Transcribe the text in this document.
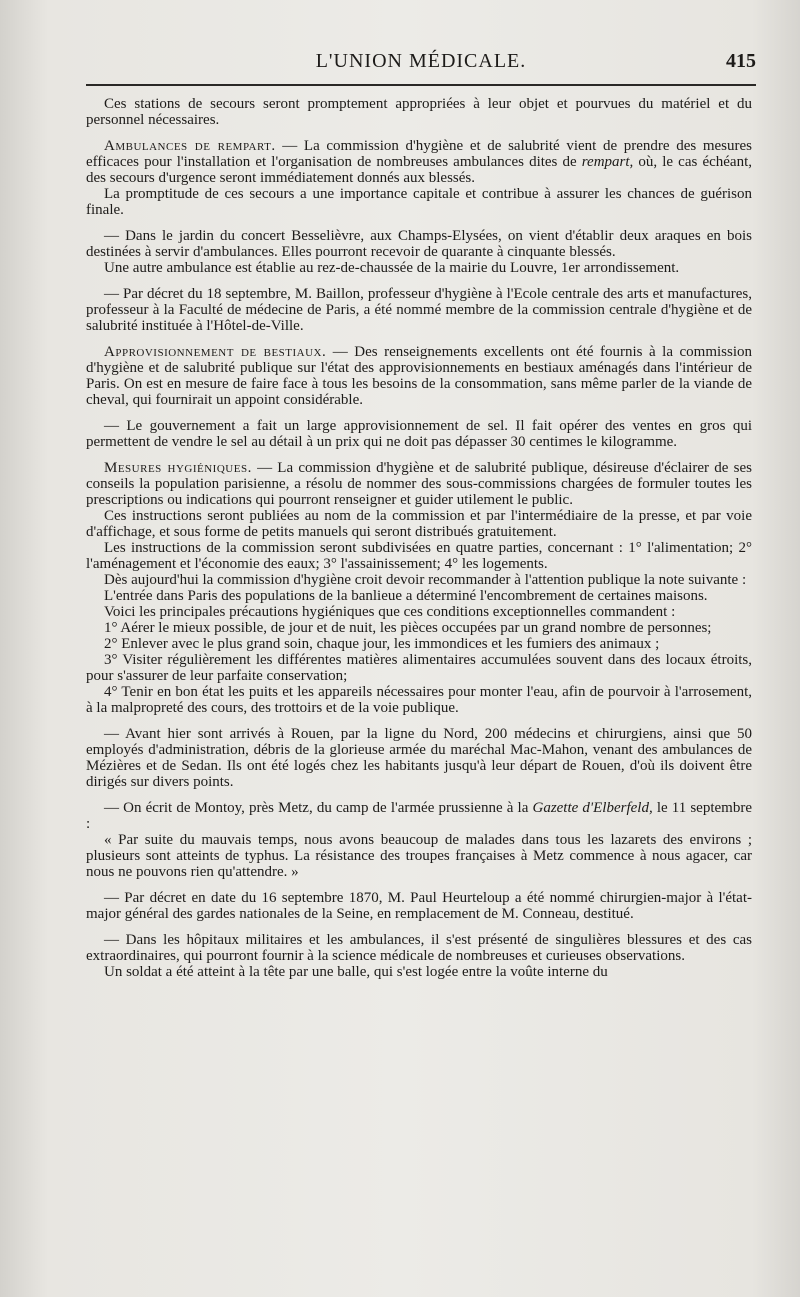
L'UNION MÉDICALE.	415

Ces stations de secours seront promptement appropriées à leur objet et pourvues du matériel et du personnel nécessaires.

Ambulances de rempart. — La commission d'hygiène et de salubrité vient de prendre des mesures efficaces pour l'installation et l'organisation de nombreuses ambulances dites de rempart, où, le cas échéant, des secours d'urgence seront immédiatement donnés aux blessés.

La promptitude de ces secours a une importance capitale et contribue à assurer les chances de guérison finale.

— Dans le jardin du concert Besselièvre, aux Champs-Elysées, on vient d'établir deux araques en bois destinées à servir d'ambulances. Elles pourront recevoir de quarante à cinquante blessés.

Une autre ambulance est établie au rez-de-chaussée de la mairie du Louvre, 1er arrondissement.

— Par décret du 18 septembre, M. Baillon, professeur d'hygiène à l'Ecole centrale des arts et manufactures, professeur à la Faculté de médecine de Paris, a été nommé membre de la commission centrale d'hygiène et de salubrité instituée à l'Hôtel-de-Ville.

Approvisionnement de bestiaux. — Des renseignements excellents ont été fournis à la commission d'hygiène et de salubrité publique sur l'état des approvisionnements en bestiaux aménagés dans l'intérieur de Paris. On est en mesure de faire face à tous les besoins de la consommation, sans même parler de la viande de cheval, qui fournirait un appoint considérable.

— Le gouvernement a fait un large approvisionnement de sel. Il fait opérer des ventes en gros qui permettent de vendre le sel au détail à un prix qui ne doit pas dépasser 30 centimes le kilogramme.

Mesures hygiéniques. — La commission d'hygiène et de salubrité publique, désireuse d'éclairer de ses conseils la population parisienne, a résolu de nommer des sous-commissions chargées de formuler toutes les prescriptions ou indications qui pourront renseigner et guider utilement le public.

Ces instructions seront publiées au nom de la commission et par l'intermédiaire de la presse, et par voie d'affichage, et sous forme de petits manuels qui seront distribués gratuitement.

Les instructions de la commission seront subdivisées en quatre parties, concernant : 1° l'alimentation; 2° l'aménagement et l'économie des eaux; 3° l'assainissement; 4° les logements.

Dès aujourd'hui la commission d'hygiène croit devoir recommander à l'attention publique la note suivante :

L'entrée dans Paris des populations de la banlieue a déterminé l'encombrement de certaines maisons.

Voici les principales précautions hygiéniques que ces conditions exceptionnelles commandent :

1° Aérer le mieux possible, de jour et de nuit, les pièces occupées par un grand nombre de personnes;

2° Enlever avec le plus grand soin, chaque jour, les immondices et les fumiers des animaux ;

3° Visiter régulièrement les différentes matières alimentaires accumulées souvent dans des locaux étroits, pour s'assurer de leur parfaite conservation;

4° Tenir en bon état les puits et les appareils nécessaires pour monter l'eau, afin de pourvoir à l'arrosement, à la malpropreté des cours, des trottoirs et de la voie publique.

— Avant hier sont arrivés à Rouen, par la ligne du Nord, 200 médecins et chirurgiens, ainsi que 50 employés d'administration, débris de la glorieuse armée du maréchal Mac-Mahon, venant des ambulances de Mézières et de Sedan. Ils ont été logés chez les habitants jusqu'à leur départ de Rouen, d'où ils doivent être dirigés sur divers points.

— On écrit de Montoy, près Metz, du camp de l'armée prussienne à la Gazette d'Elberfeld, le 11 septembre :

« Par suite du mauvais temps, nous avons beaucoup de malades dans tous les lazarets des environs ; plusieurs sont atteints de typhus. La résistance des troupes françaises à Metz commence à nous agacer, car nous ne pouvons rien qu'attendre. »

— Par décret en date du 16 septembre 1870, M. Paul Heurteloup a été nommé chirurgien-major à l'état-major général des gardes nationales de la Seine, en remplacement de M. Conneau, destitué.

— Dans les hôpitaux militaires et les ambulances, il s'est présenté de singulières blessures et des cas extraordinaires, qui pourront fournir à la science médicale de nombreuses et curieuses observations.

Un soldat a été atteint à la tête par une balle, qui s'est logée entre la voûte interne du
